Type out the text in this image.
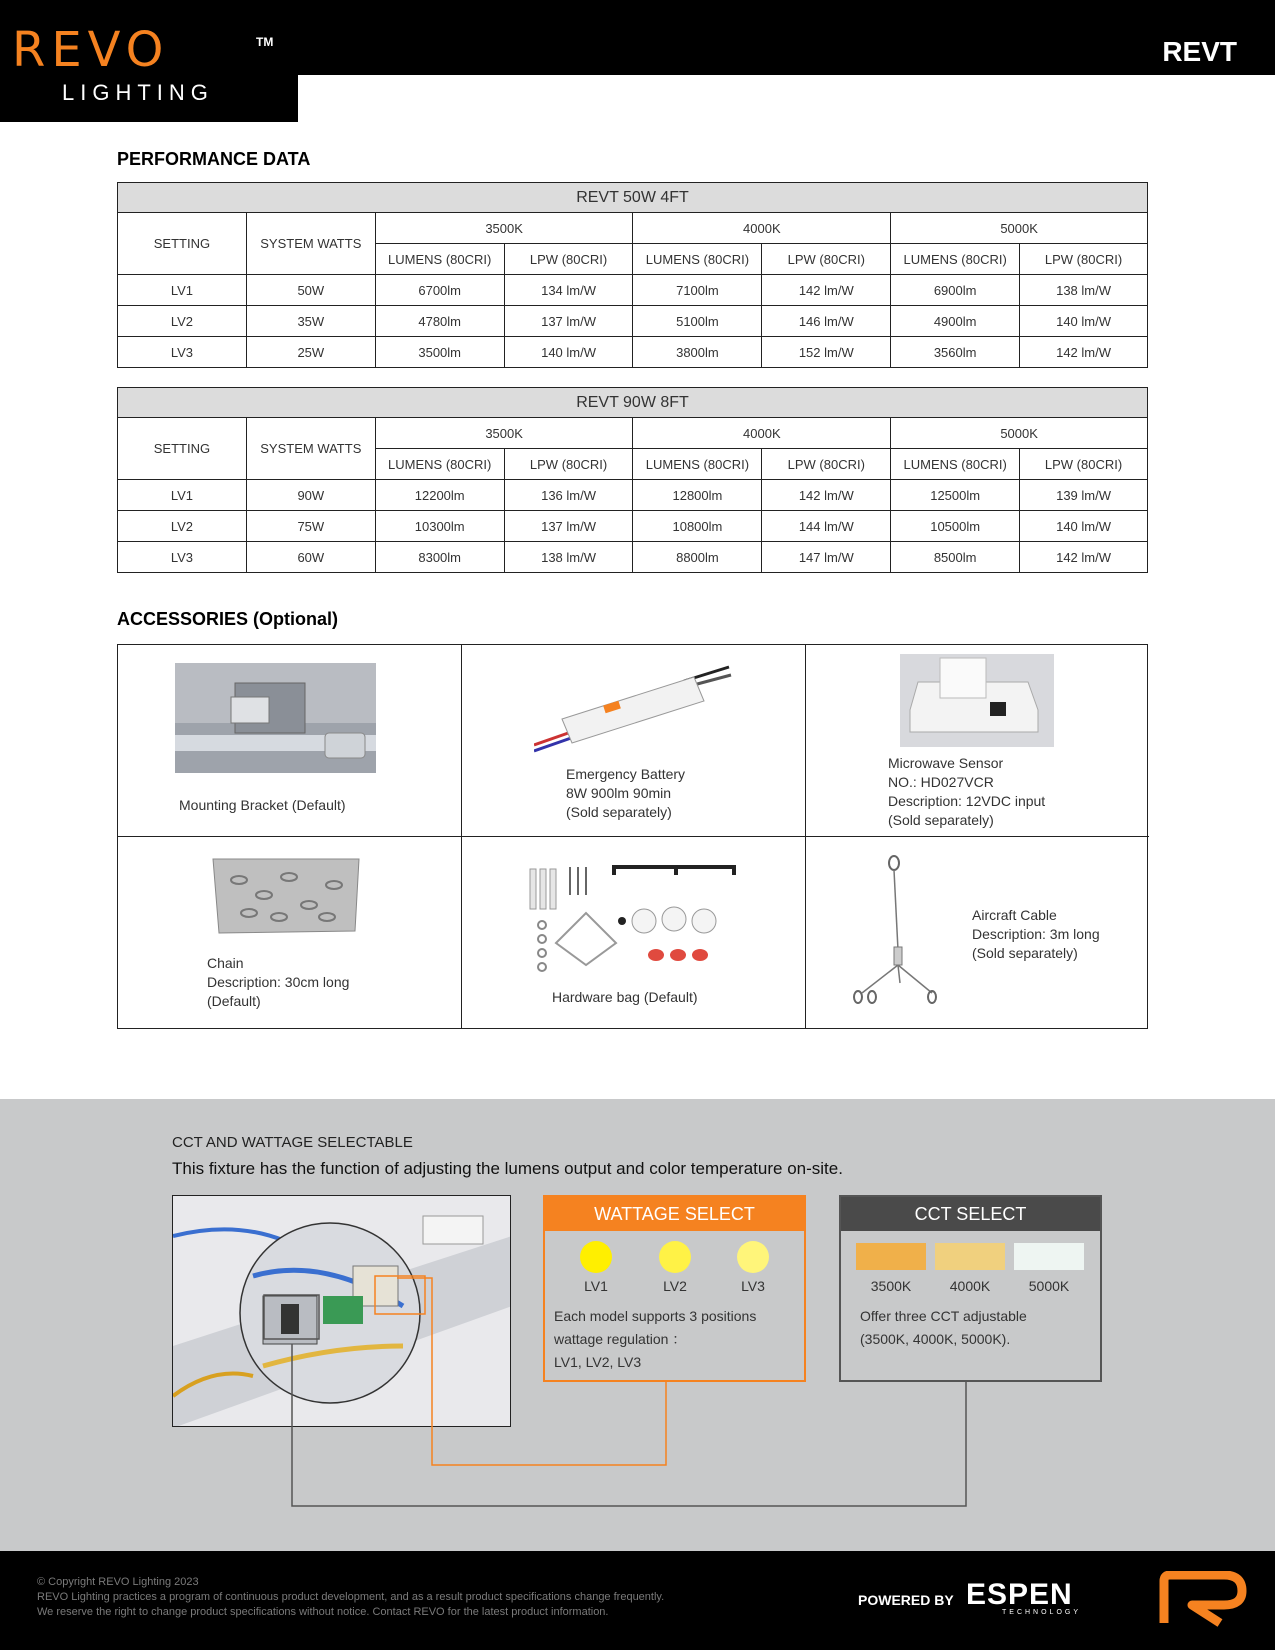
REVO	TM
LIGHTING
REVT
PERFORMANCE DATA
REVT 50W 4FT							
SETTING	SYSTEM WATTS	3500K		4000K		5000K	
		LUMENS (80CRI)	LPW (80CRI)	LUMENS (80CRI)	LPW (80CRI)	LUMENS (80CRI)	LPW (80CRI)
LV1	50W	6700lm	134 lm/W	7100lm	142 lm/W	6900lm	138 lm/W
LV2	35W	4780lm	137 lm/W	5100lm	146 lm/W	4900lm	140 lm/W
LV3	25W	3500lm	140 lm/W	3800lm	152 lm/W	3560lm	142 lm/W
REVT 90W 8FT							
SETTING	SYSTEM WATTS	3500K		4000K		5000K	
		LUMENS (80CRI)	LPW (80CRI)	LUMENS (80CRI)	LPW (80CRI)	LUMENS (80CRI)	LPW (80CRI)
LV1	90W	12200lm	136 lm/W	12800lm	142 lm/W	12500lm	139 lm/W
LV2	75W	10300lm	137 lm/W	10800lm	144 lm/W	10500lm	140 lm/W
LV3	60W	8300lm	138 lm/W	8800lm	147 lm/W	8500lm	142 lm/W
ACCESSORIES (Optional)
Mounting Bracket (Default)
Emergency Battery
8W 900lm 90min
(Sold separately)
Microwave Sensor
NO.: HD027VCR
Description: 12VDC input
(Sold separately)
Chain
Description: 30cm long
(Default)	Hardware bag (Default)
Aircraft Cable
Description: 3m long
(Sold separately)
CCT AND WATTAGE SELECTABLE
This fixture has the function of adjusting the lumens output and color temperature on-site.
WATTAGE SELECT
LV1	LV2	LV3
Each model supports 3 positions
wattage regulation ：
LV1, LV2, LV3
CCT SELECT
3500K	4000K	5000K
Offer three CCT adjustable
(3500K, 4000K, 5000K).
© Copyright REVO Lighting 2023
REVO Lighting practices a program of continuous product development, and as a result product specifications change frequently.
We reserve the right to change product specifications without notice. Contact REVO for the latest product information.
POWERED BY ESPEN
TECHNOLOGY
